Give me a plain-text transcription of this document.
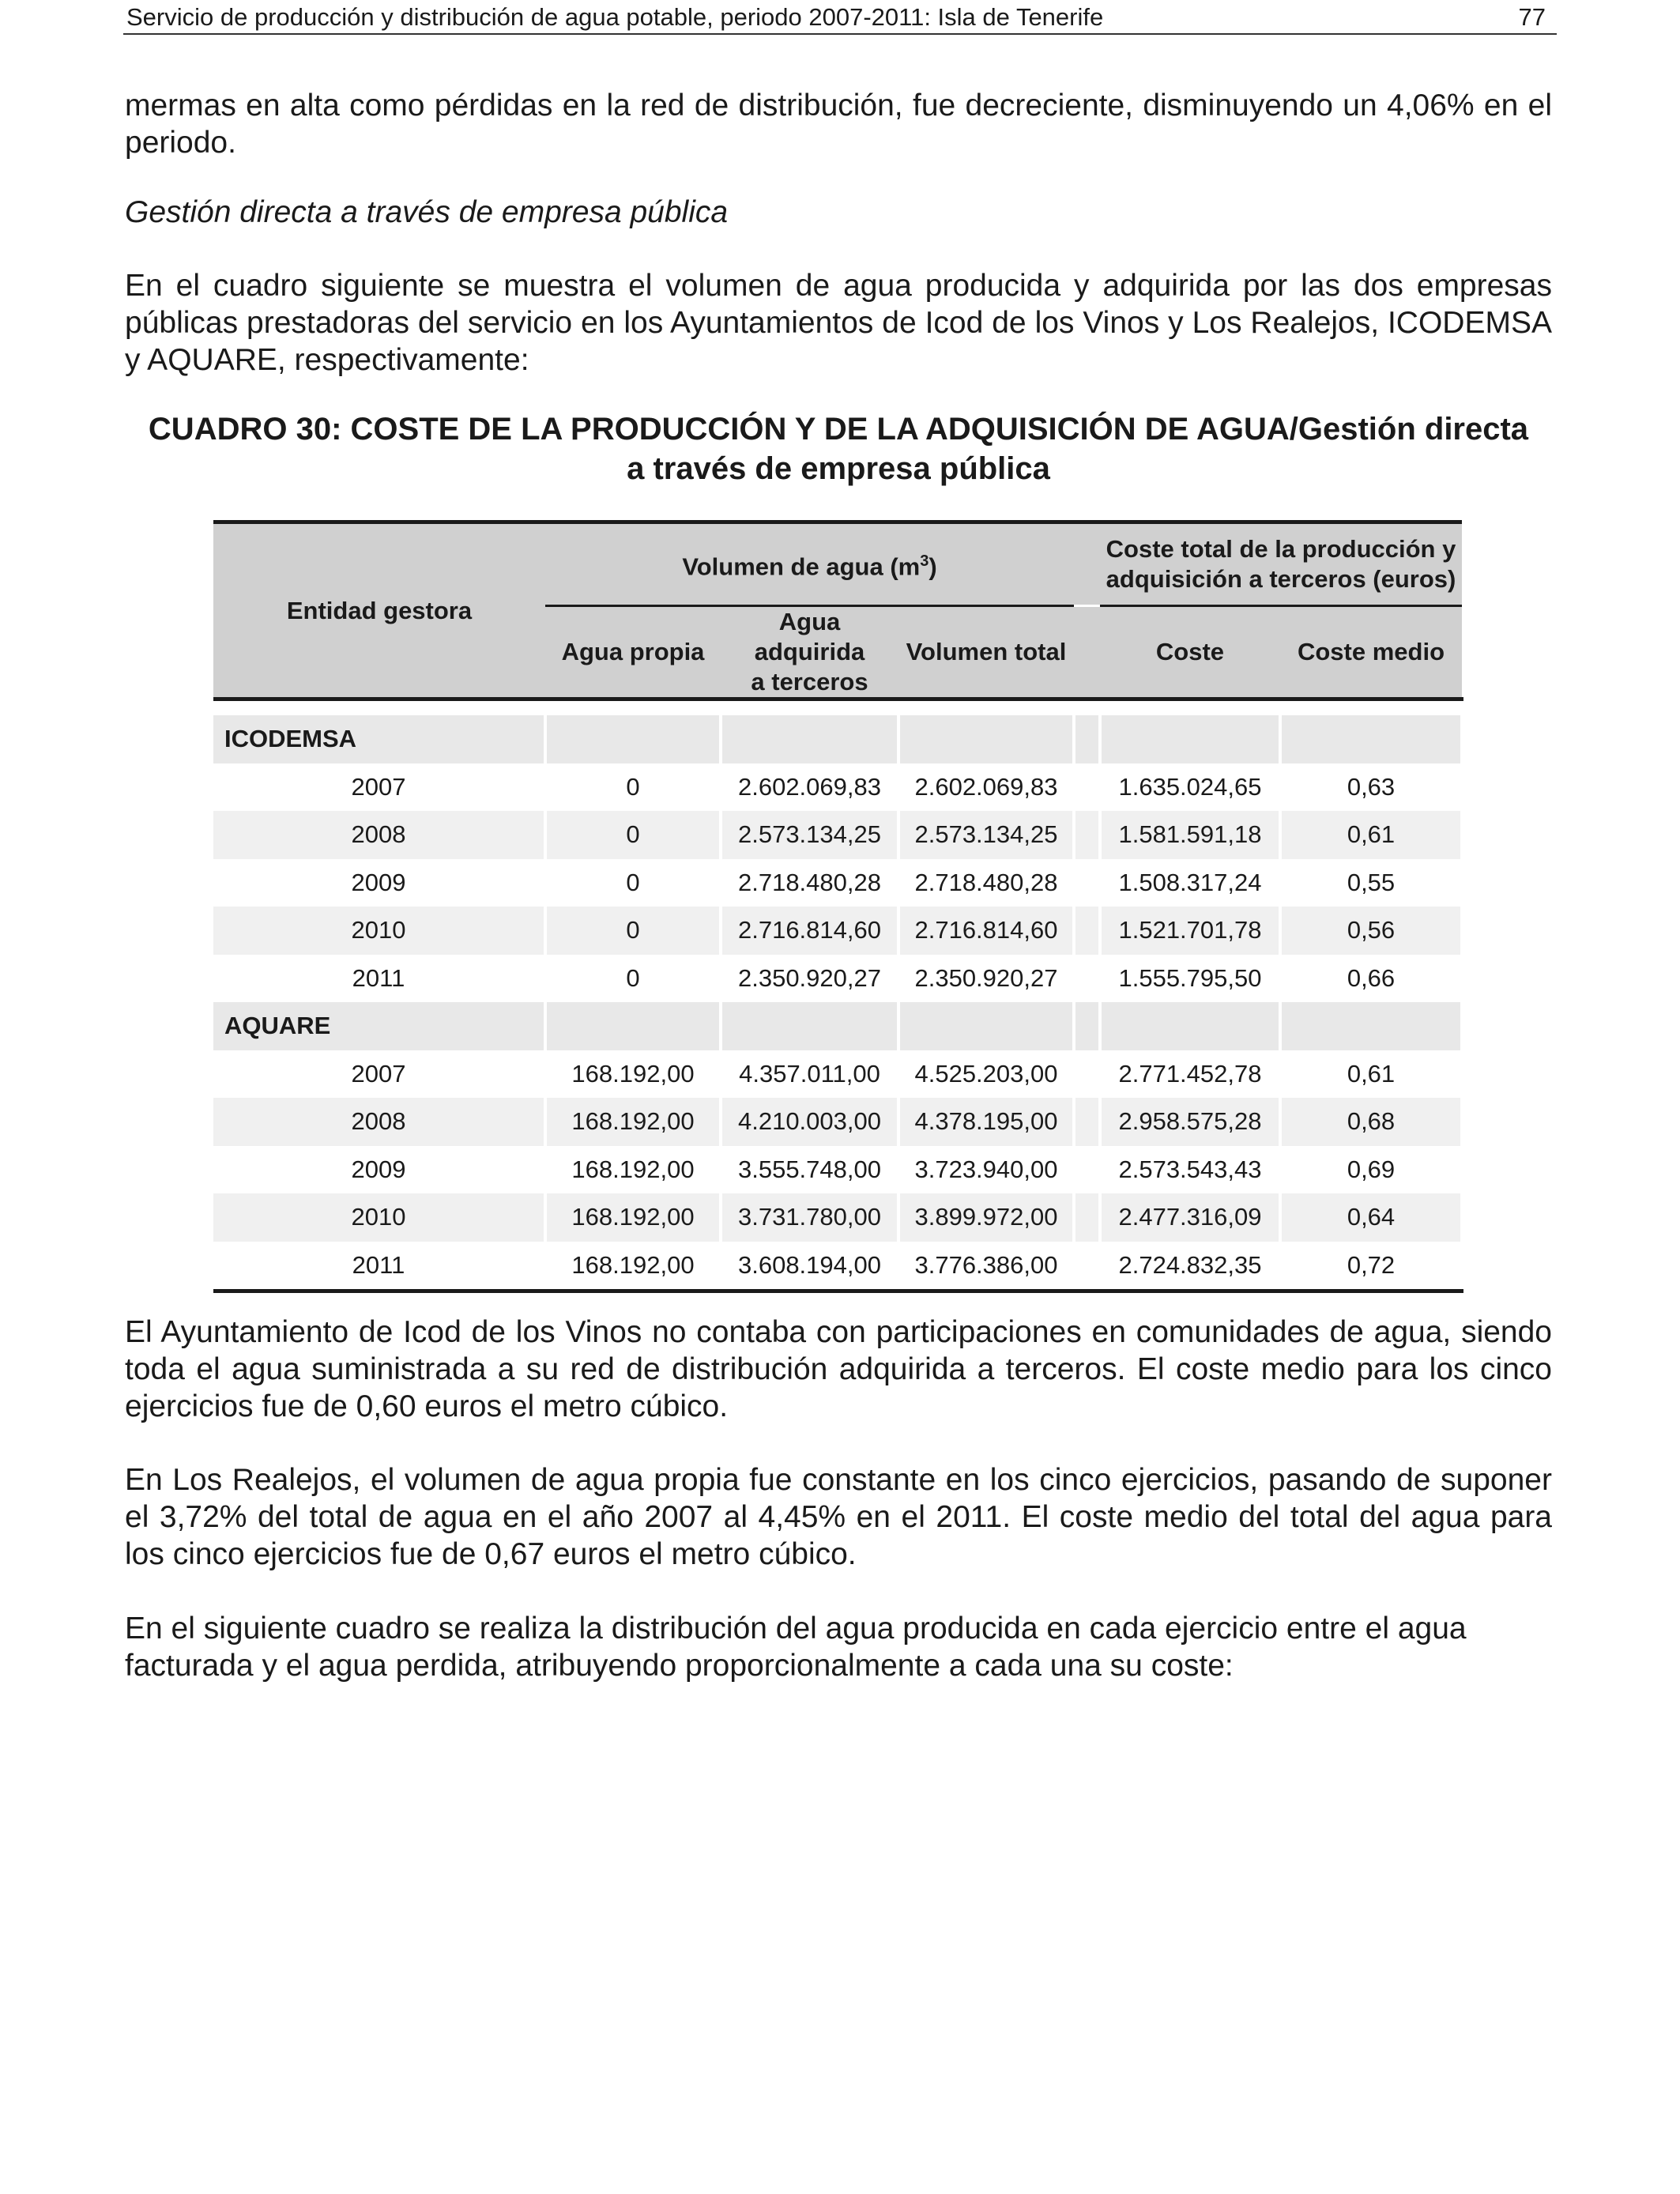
Servicio de producción y distribución de agua potable, periodo 2007-2011: Isla de Tenerife	77

mermas en alta como pérdidas en la red de distribución, fue decreciente, disminuyendo un 4,06% en el periodo.

Gestión directa a través de empresa pública

En el cuadro siguiente se muestra el volumen de agua producida y adquirida por las dos empresas públicas prestadoras del servicio en los Ayuntamientos de Icod de los Vinos y Los Realejos, ICODEMSA y AQUARE, respectivamente:

CUADRO 30: COSTE DE LA PRODUCCIÓN Y DE LA ADQUISICIÓN DE AGUA/Gestión directa
a través de empresa pública
Entidad gestora	Volumen de agua $(m^3)$				Coste total de la producción y
adquisición a terceros (euros)	

	Agua propia	Agua adquirida
a terceros	Volumen total		Coste	Coste medio

ICODEMSA						
2007	0	2.602.069,83	2.602.069,83		1.635.024,65	0,63
2008	0	2.573.134,25	2.573.134,25		1.581.591,18	0,61
2009	0	2.718.480,28	2.718.480,28		1.508.317,24	0,55
2010	0	2.716.814,60	2.716.814,60		1.521.701,78	0,56
2011	0	2.350.920,27	2.350.920,27		1.555.795,50	0,66
AQUARE						
2007	168.192,00	4.357.011,00	4.525.203,00		2.771.452,78	0,61
2008	168.192,00	4.210.003,00	4.378.195,00		2.958.575,28	0,68
2009	168.192,00	3.555.748,00	3.723.940,00		2.573.543,43	0,69
2010	168.192,00	3.731.780,00	3.899.972,00		2.477.316,09	0,64
2011	168.192,00	3.608.194,00	3.776.386,00		2.724.832,35	0,72

El Ayuntamiento de Icod de los Vinos no contaba con participaciones en comunidades de agua, siendo toda el agua suministrada a su red de distribución adquirida a terceros. El coste medio para los cinco ejercicios fue de 0,60 euros el metro cúbico.

En Los Realejos, el volumen de agua propia fue constante en los cinco ejercicios, pasando de suponer el 3,72% del total de agua en el año 2007 al 4,45% en el 2011. El coste medio del total del agua para los cinco ejercicios fue de 0,67 euros el metro cúbico.

En el siguiente cuadro se realiza la distribución del agua producida en cada ejercicio entre el agua facturada y el agua perdida, atribuyendo proporcionalmente a cada una su coste:
